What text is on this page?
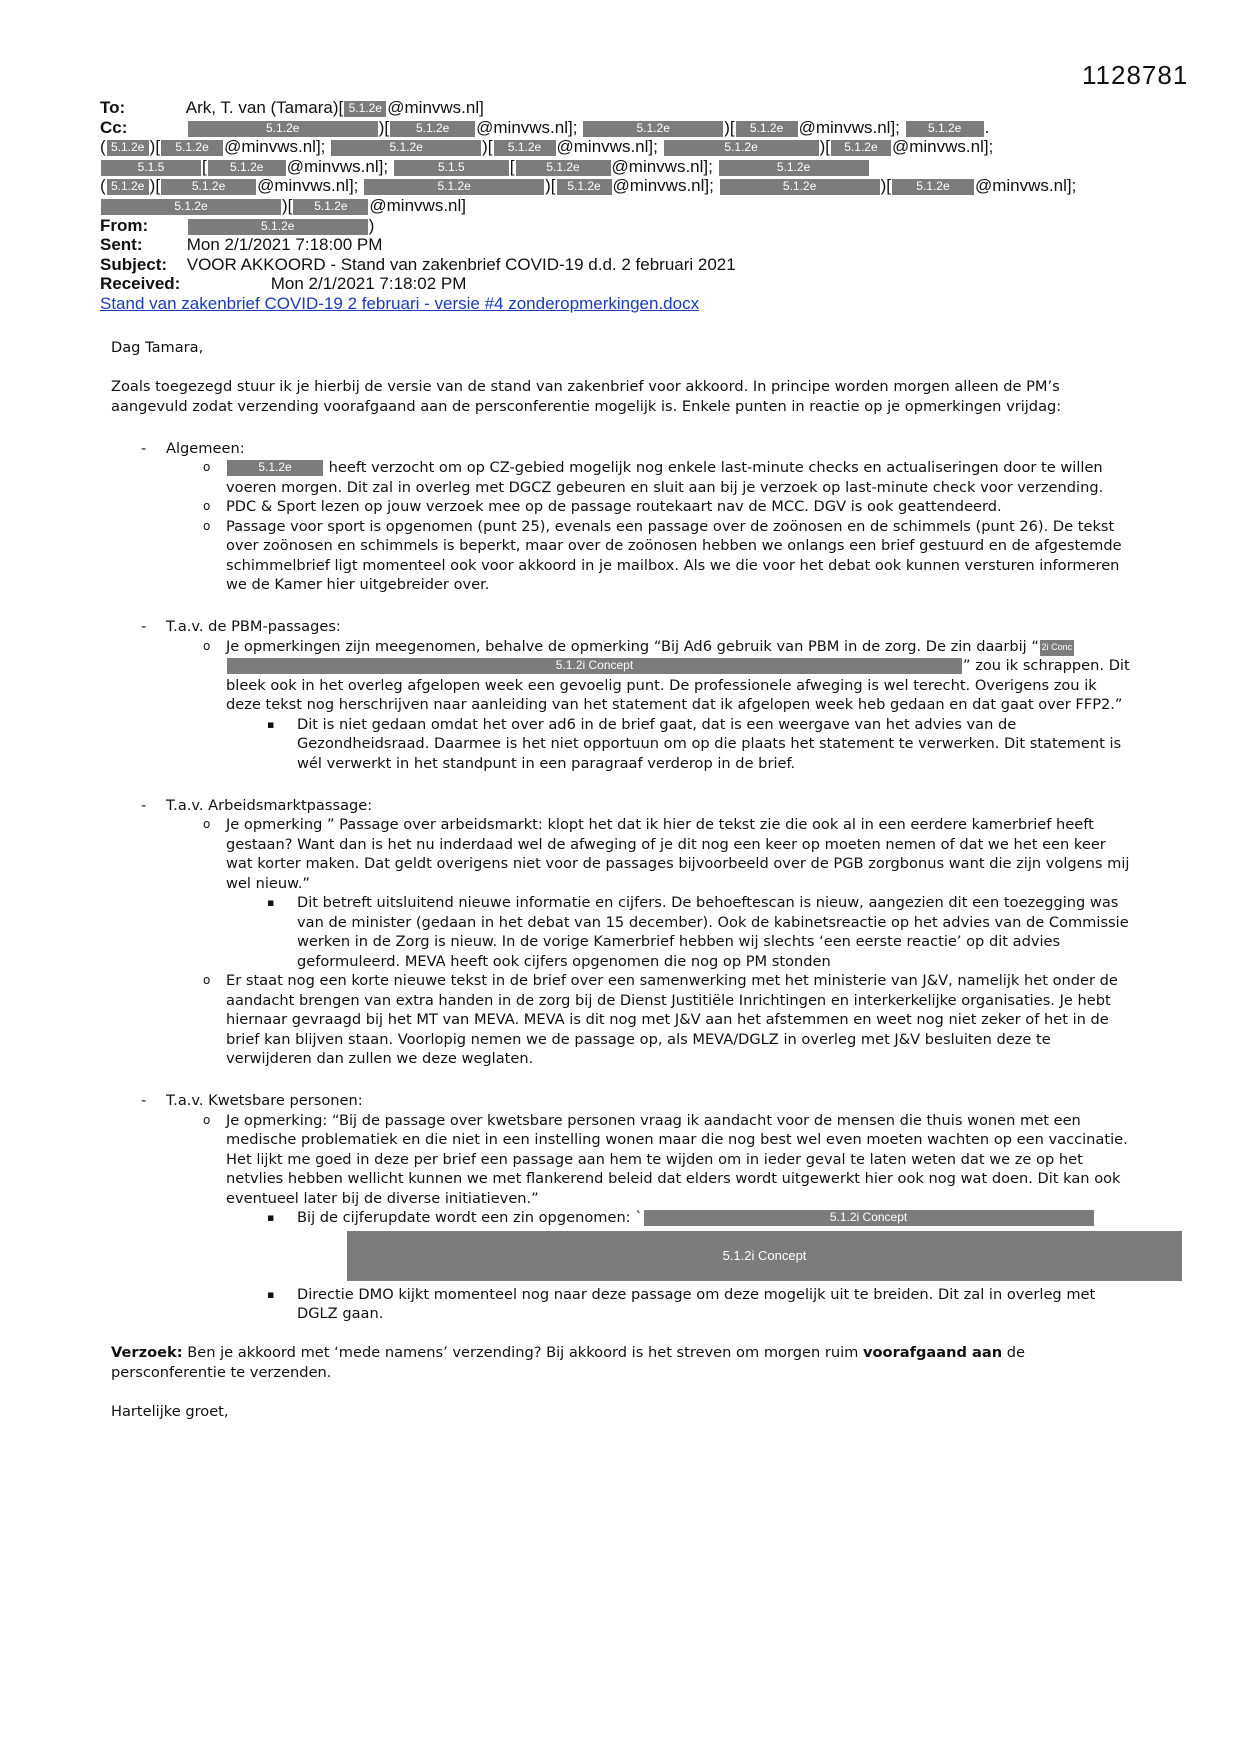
1128781
To:	Ark, T. van (Tamara)[ 5.1.2e @minvws.nl]
Cc:	5.1.2e	)[ 5.1.2e @minvws.nl];	5.1.2e	)[ 5.1.2e @minvws.nl]; 5.1.2e .
( 5.1.2e )[ 5.1.2e @minvws.nl];	5.1.2e	)[ 5.1.2e @minvws.nl];	5.1.2e	)[ 5.1.2e @minvws.nl];
5.1.5 [ 5.1.2e @minvws.nl];	5.1.5	[	5.1.2e @minvws.nl];	5.1.2e
( 5.1.2e )[	5.1.2e @minvws.nl];	5.1.2e	)[ 5.1.2e @minvws.nl];	5.1.2e	)[ 5.1.2e @minvws.nl];
5.1.2e	)[ 5.1.2e @minvws.nl]
From:	5.1.2e	)
Sent:	Mon 2/1/2021 7:18:00 PM
Subject: VOOR AKKOORD - Stand van zakenbrief COVID-19 d.d. 2 februari 2021
Received:	Mon 2/1/2021 7:18:02 PM
Stand van zakenbrief COVID-19 2 februari - versie #4 zonderopmerkingen.docx

Dag Tamara,

Zoals toegezegd stuur ik je hierbij de versie van de stand van zakenbrief voor akkoord. In principe worden morgen alleen de PM’s aangevuld zodat verzending voorafgaand aan de persconferentie mogelijk is. Enkele punten in reactie op je opmerkingen vrijdag:

- Algemeen:

o	5.1.2e	heeft verzocht om op CZ-gebied mogelijk nog enkele last-minute checks en actualiseringen door te willen voeren morgen. Dit zal in overleg met DGCZ gebeuren en sluit aan bij je verzoek op last-minute check voor verzending.
o PDC & Sport lezen op jouw verzoek mee op de passage routekaart nav de MCC. DGV is ook geattendeerd.
o Passage voor sport is opgenomen (punt 25), evenals een passage over de zoönosen en de schimmels (punt 26). De tekst over zoönosen en schimmels is beperkt, maar over de zoönosen hebben we onlangs een brief gestuurd en de afgestemde schimmelbrief ligt momenteel ook voor akkoord in je mailbox. Als we die voor het debat ook kunnen versturen informeren we de Kamer hier uitgebreider over.
- T.a.v. de PBM-passages:

o Je opmerkingen zijn meegenomen, behalve de opmerking “Bij Ad6 gebruik van PBM in de zorg. De zin daarbij “ 2i Conc
5.1.2i Concept	” zou ik schrappen. Dit bleek ook in het overleg afgelopen week een gevoelig punt. De professionele afweging is wel terecht. Overigens zou ik deze tekst nog herschrijven naar aanleiding van het statement dat ik afgelopen week heb gedaan en dat gaat over FFP2.”
▪ Dit is niet gedaan omdat het over ad6 in de brief gaat, dat is een weergave van het advies van de Gezondheidsraad. Daarmee is het niet opportuun om op die plaats het statement te verwerken. Dit statement is wél verwerkt in het standpunt in een paragraaf verderop in de brief.
- T.a.v. Arbeidsmarktpassage:

o Je opmerking ” Passage over arbeidsmarkt: klopt het dat ik hier de tekst zie die ook al in een eerdere kamerbrief heeft gestaan? Want dan is het nu inderdaad wel de afweging of je dit nog een keer op moeten nemen of dat we het een keer wat korter maken. Dat geldt overigens niet voor de passages bijvoorbeeld over de PGB zorgbonus want die zijn volgens mij wel nieuw.”
▪ Dit betreft uitsluitend nieuwe informatie en cijfers. De behoeftescan is nieuw, aangezien dit een toezegging was van de minister (gedaan in het debat van 15 december). Ook de kabinetsreactie op het advies van de Commissie werken in de Zorg is nieuw. In de vorige Kamerbrief hebben wij slechts ‘een eerste reactie’ op dit advies geformuleerd. MEVA heeft ook cijfers opgenomen die nog op PM stonden
o Er staat nog een korte nieuwe tekst in de brief over een samenwerking met het ministerie van J&V, namelijk het onder de aandacht brengen van extra handen in de zorg bij de Dienst Justitiële Inrichtingen en interkerkelijke organisaties. Je hebt hiernaar gevraagd bij het MT van MEVA. MEVA is dit nog met J&V aan het afstemmen en weet nog niet zeker of het in de brief kan blijven staan. Voorlopig nemen we de passage op, als MEVA/DGLZ in overleg met J&V besluiten deze te verwijderen dan zullen we deze weglaten.
- T.a.v. Kwetsbare personen:

o Je opmerking: “Bij de passage over kwetsbare personen vraag ik aandacht voor de mensen die thuis wonen met een medische problematiek en die niet in een instelling wonen maar die nog best wel even moeten wachten op een vaccinatie. Het lijkt me goed in deze per brief een passage aan hem te wijden om in ieder geval te laten weten dat we ze op het netvlies hebben wellicht kunnen we met flankerend beleid dat elders wordt uitgewerkt hier ook nog wat doen. Dit kan ook eventueel later bij de diverse initiatieven.”
▪ Bij de cijferupdate wordt een zin opgenomen: `	5.1.2i Concept
5.1.2i Concept
▪ Directie DMO kijkt momenteel nog naar deze passage om deze mogelijk uit te breiden. Dit zal in overleg met DGLZ gaan.

Verzoek: Ben je akkoord met ‘mede namens’ verzending? Bij akkoord is het streven om morgen ruim voorafgaand aan de persconferentie te verzenden.

Hartelijke groet,
